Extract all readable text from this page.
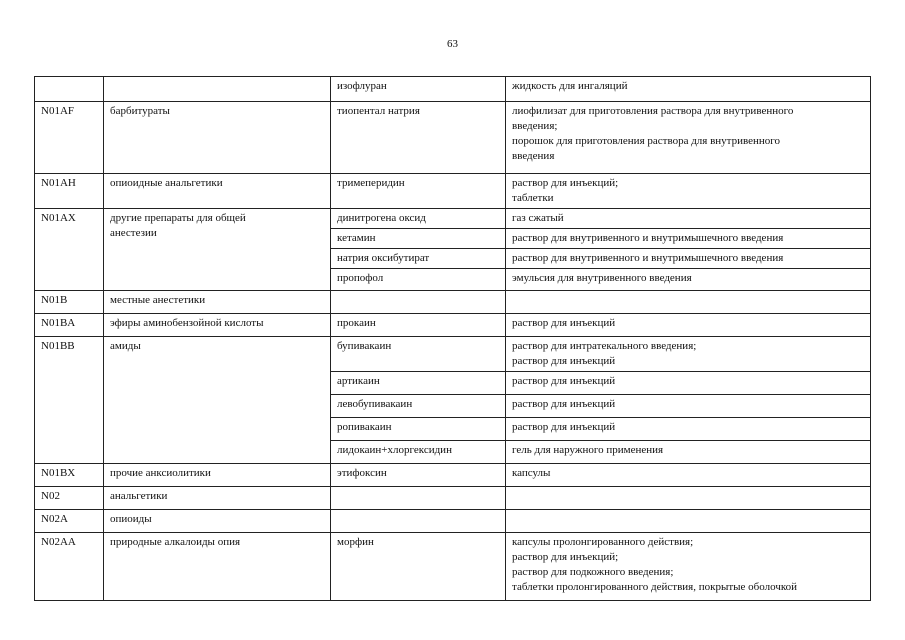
63
		изофлуран	жидкость для ингаляций

N01AF	барбитураты	тиопентал натрия	лиофилизат для приготовления раствора для внутривенного
введения;
порошок для приготовления раствора для внутривенного
введения

N01AH	опиоидные анальгетики	тримеперидин	раствор для инъекций;
таблетки

N01AX	другие препараты для общей
анестезии	динитрогена оксид	газ сжатый

		кетамин	раствор для внутривенного и внутримышечного введения

		натрия оксибутират	раствор для внутривенного и внутримышечного введения

		пропофол	эмульсия для внутривенного введения

N01B	местные анестетики		
N01BA	эфиры аминобензойной кислоты	прокаин	раствор для инъекций

N01BB	амиды	бупивакаин	раствор для интратекального введения;
раствор для инъекций

		артикаин	раствор для инъекций

		левобупивакаин	раствор для инъекций

		ропивакаин	раствор для инъекций

		лидокаин+хлоргексидин	гель для наружного применения

N01BX	прочие анксиолитики	этифоксин	капсулы

N02	анальгетики		
N02A	опиоиды		
N02AA	природные алкалоиды опия	морфин	капсулы пролонгированного действия;
раствор для инъекций;
раствор для подкожного введения;
таблетки пролонгированного действия, покрытые оболочкой
